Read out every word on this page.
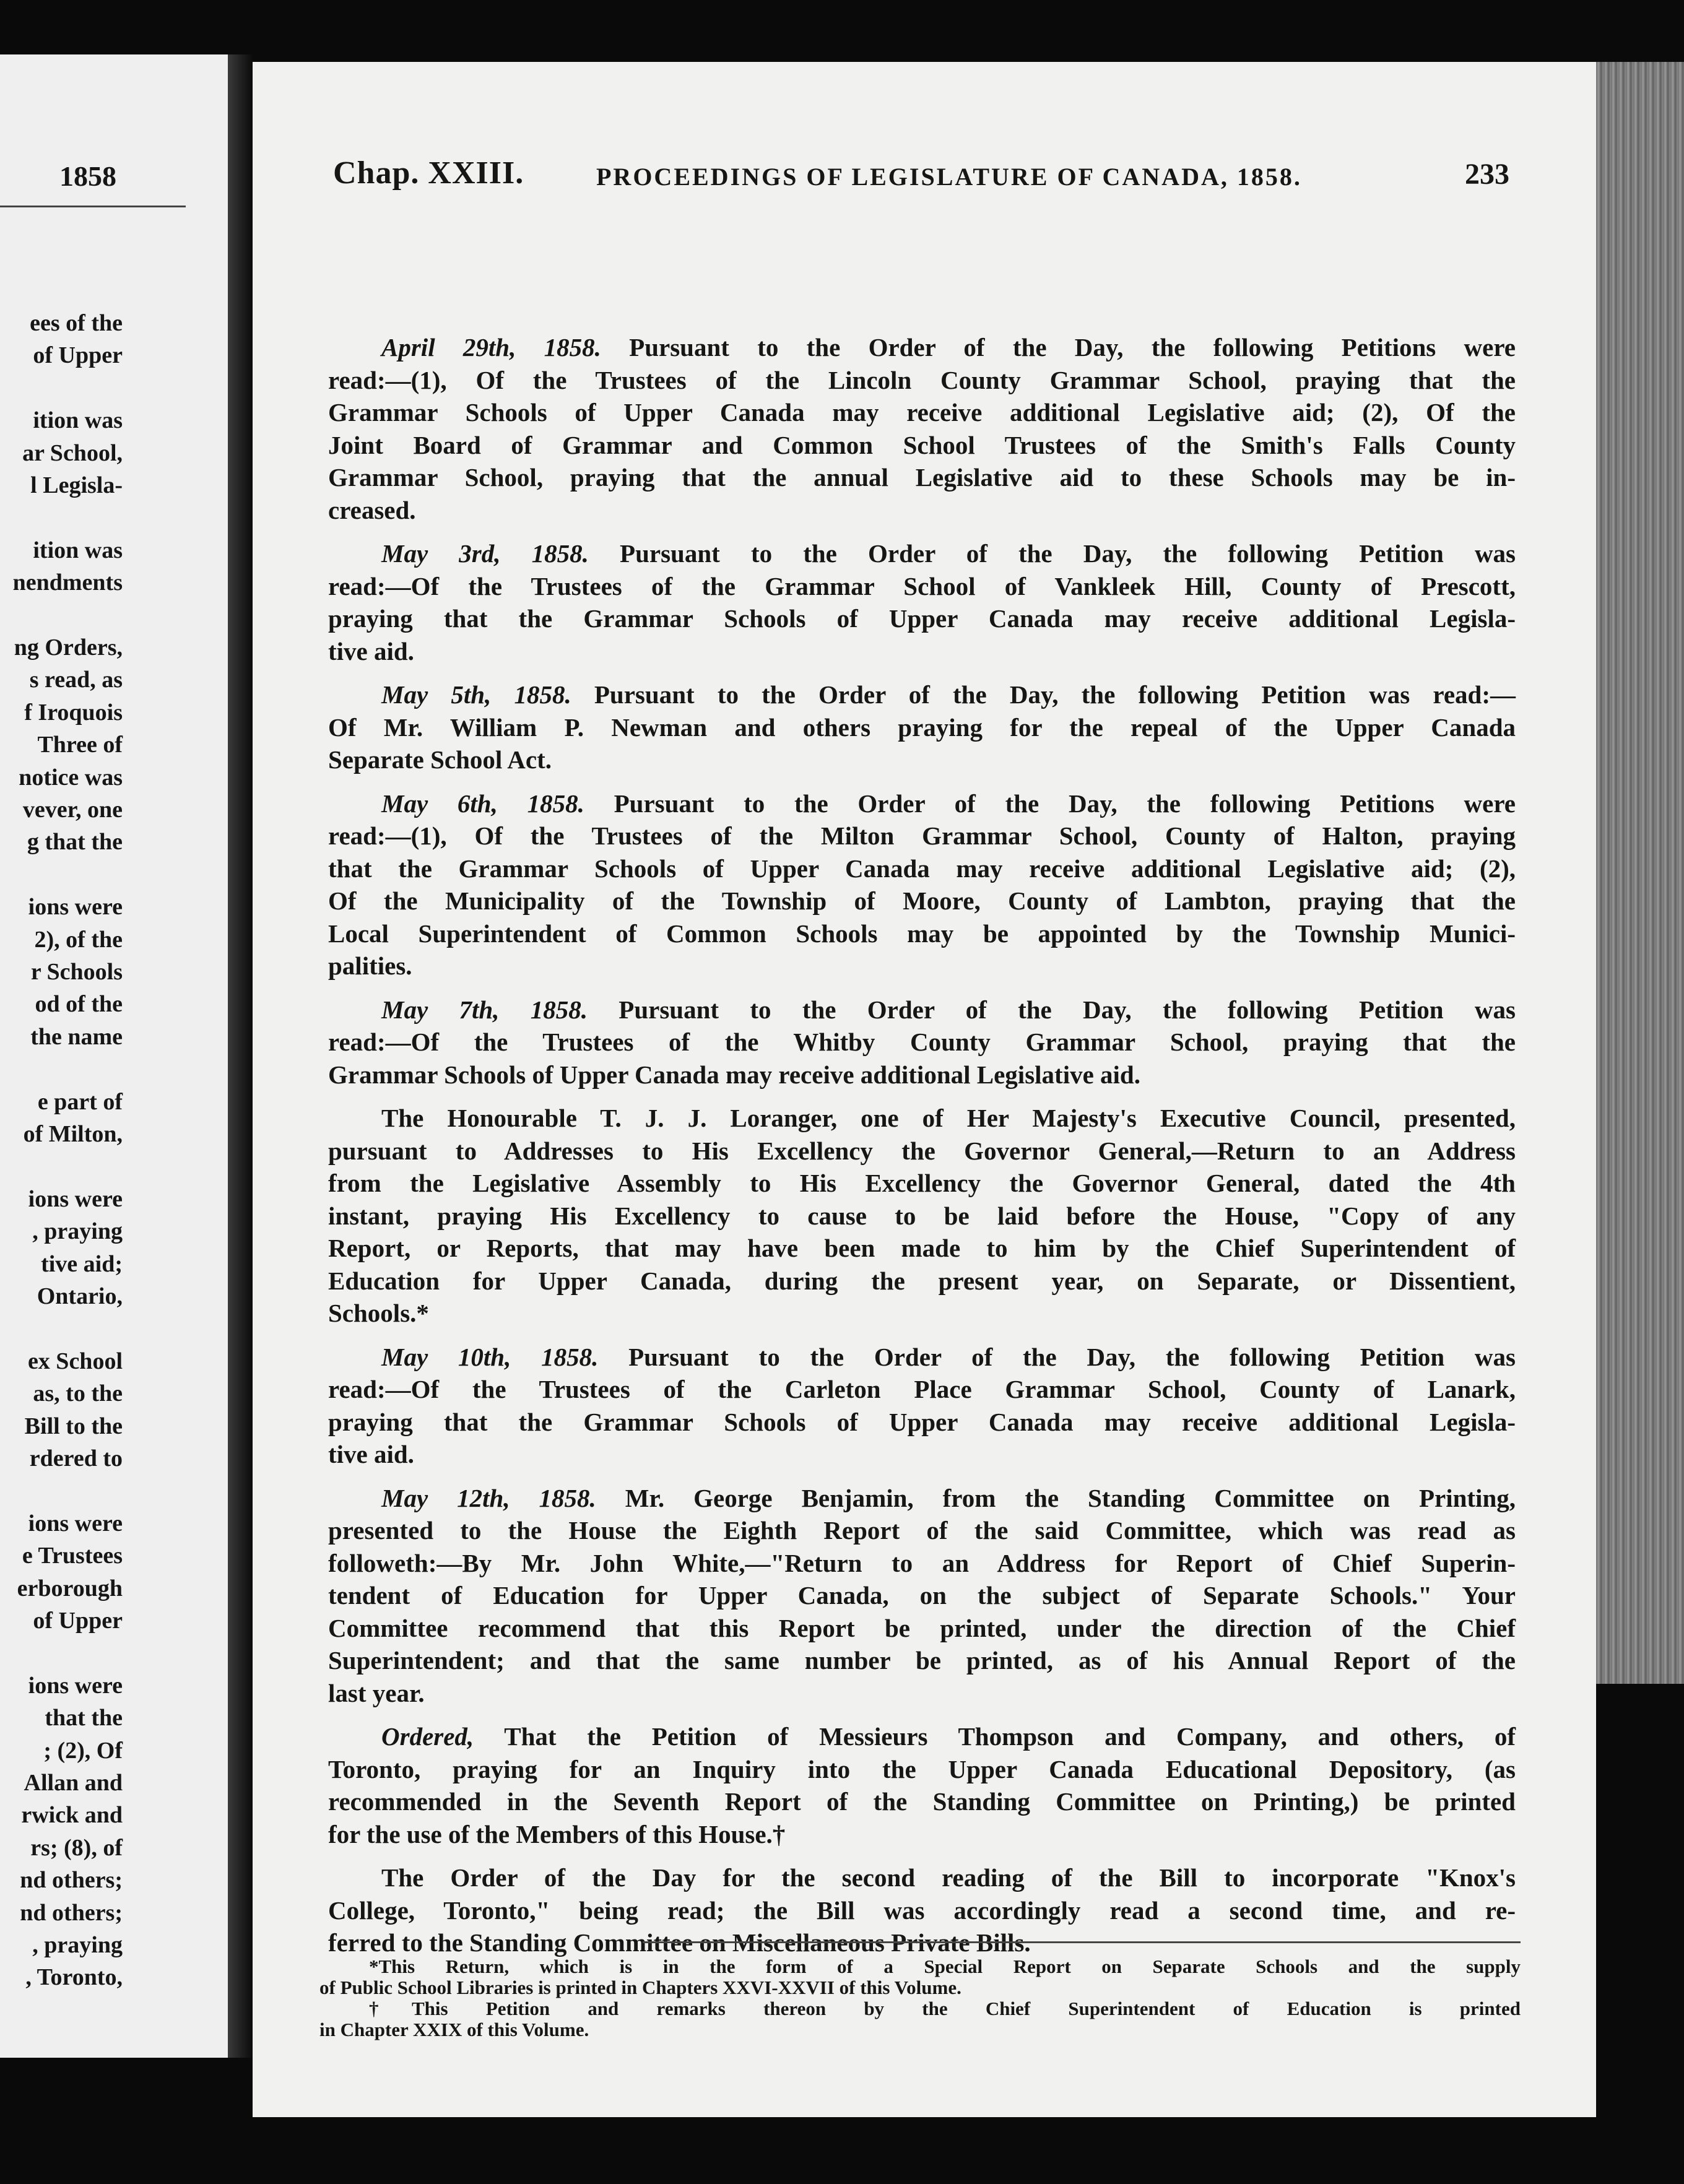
1858
ees of the
of Upper
ition was
ar School,
l Legisla-
ition was
nendments
ng Orders,
s read, as
f Iroquois
Three of
notice was
vever, one
g that the
ions were
2), of the
r Schools
od of the
the name
e part of
of Milton,
ions were
, praying
tive aid;
Ontario,
ex School
as, to the
Bill to the
rdered to
ions were
e Trustees
erborough
of Upper
ions were
that the
; (2), Of
Allan and
rwick and
rs; (8), of
nd others;
nd others;
, praying
, Toronto,
Chap. XXIII.	PROCEEDINGS OF LEGISLATURE OF CANADA, 1858.	233
April 29th, 1858. Pursuant to the Order of the Day, the following Petitions were
read:—(1), Of the Trustees of the Lincoln County Grammar School, praying that the
Grammar Schools of Upper Canada may receive additional Legislative aid; (2), Of the
Joint Board of Grammar and Common School Trustees of the Smith's Falls County
Grammar School, praying that the annual Legislative aid to these Schools may be in-
creased.
May 3rd, 1858. Pursuant to the Order of the Day, the following Petition was
read:—Of the Trustees of the Grammar School of Vankleek Hill, County of Prescott,
praying that the Grammar Schools of Upper Canada may receive additional Legisla-
tive aid.
May 5th, 1858. Pursuant to the Order of the Day, the following Petition was read:—
Of Mr. William P. Newman and others praying for the repeal of the Upper Canada
Separate School Act.
May 6th, 1858. Pursuant to the Order of the Day, the following Petitions were
read:—(1), Of the Trustees of the Milton Grammar School, County of Halton, praying
that the Grammar Schools of Upper Canada may receive additional Legislative aid; (2),
Of the Municipality of the Township of Moore, County of Lambton, praying that the
Local Superintendent of Common Schools may be appointed by the Township Munici-
palities.
May 7th, 1858. Pursuant to the Order of the Day, the following Petition was
read:—Of the Trustees of the Whitby County Grammar School, praying that the
Grammar Schools of Upper Canada may receive additional Legislative aid.
The Honourable T. J. J. Loranger, one of Her Majesty's Executive Council, presented,
pursuant to Addresses to His Excellency the Governor General,—Return to an Address
from the Legislative Assembly to His Excellency the Governor General, dated the 4th
instant, praying His Excellency to cause to be laid before the House, "Copy of any
Report, or Reports, that may have been made to him by the Chief Superintendent of
Education for Upper Canada, during the present year, on Separate, or Dissentient,
Schools.*
May 10th, 1858. Pursuant to the Order of the Day, the following Petition was
read:—Of the Trustees of the Carleton Place Grammar School, County of Lanark,
praying that the Grammar Schools of Upper Canada may receive additional Legisla-
tive aid.
May 12th, 1858. Mr. George Benjamin, from the Standing Committee on Printing,
presented to the House the Eighth Report of the said Committee, which was read as
followeth:—By Mr. John White,—"Return to an Address for Report of Chief Superin-
tendent of Education for Upper Canada, on the subject of Separate Schools." Your
Committee recommend that this Report be printed, under the direction of the Chief
Superintendent; and that the same number be printed, as of his Annual Report of the
last year.
Ordered, That the Petition of Messieurs Thompson and Company, and others, of
Toronto, praying for an Inquiry into the Upper Canada Educational Depository, (as
recommended in the Seventh Report of the Standing Committee on Printing,) be printed
for the use of the Members of this House.†
The Order of the Day for the second reading of the Bill to incorporate "Knox's
College, Toronto," being read; the Bill was accordingly read a second time, and re-
ferred to the Standing Committee on Miscellaneous Private Bills.
*This Return, which is in the form of a Special Report on Separate Schools and the supply
of Public School Libraries is printed in Chapters XXVI-XXVII of this Volume.
†This Petition and remarks thereon by the Chief Superintendent of Education is printed
in Chapter XXIX of this Volume.
